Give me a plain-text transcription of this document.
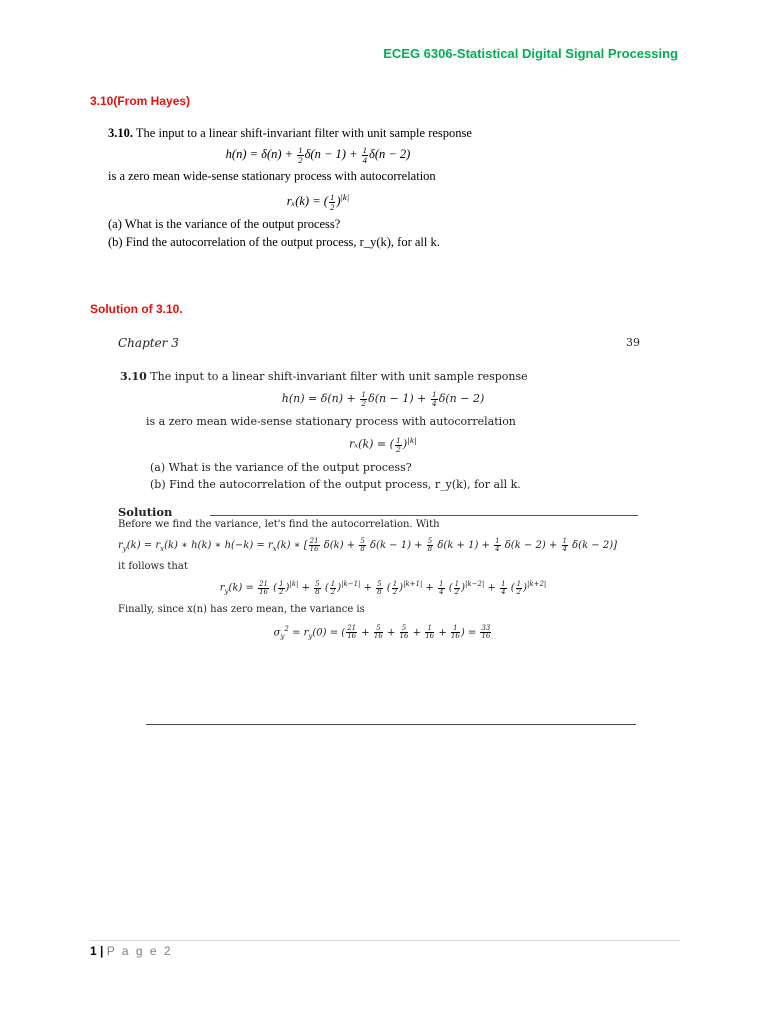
ECEG 6306-Statistical Digital Signal Processing
3.10(From Hayes)
3.10. The input to a linear shift-invariant filter with unit sample response
$h(n) = \delta(n) + \frac{1}{2} \delta(n - 1) + \frac{1}{4} \delta(n - 2)$
is a zero mean wide-sense stationary process with autocorrelation
rₓ(k) = ( $\frac{1}{2} )^{|k|}$
(a) What is the variance of the output process?
(b) Find the autocorrelation of the output process, r_y(k), for all k.
Solution of 3.10.
Chapter 3	39
3.10 The input to a linear shift-invariant filter with unit sample response
$h(n) = \delta(n) + \frac{1}{2} \delta(n - 1) + \frac{1}{4} \delta(n - 2)$
is a zero mean wide-sense stationary process with autocorrelation
rₓ(k) = ( $\frac{1}{2} )^{|k|}$
(a) What is the variance of the output process?
(b) Find the autocorrelation of the output process, r_y(k), for all k.
Solution
Before we find the variance, let's find the autocorrelation. With
$r_y(k) = r_x(k)$ ∗ h(k) ∗ $h(-k) = r_x(k)$ ∗ [ $\frac{21}{16} \delta(k) + \frac{5}{8} \delta(k - 1) + \frac{5}{8} \delta(k + 1) + \frac{1}{4} \delta(k - 2) + \frac{1}{4} \delta(k - 2)$]
it follows that
$r_y(k) = \frac{21}{16}$ ( $\frac{1}{2} )^{|k|} + \frac{5}{8}$ ( $\frac{1}{2} )^{|k-1|} + \frac{5}{8}$ ( $\frac{1}{2} )^{|k+1|} + \frac{1}{4}$ ( $\frac{1}{2} )^{|k-2|} + \frac{1}{4}$ ( $\frac{1}{2} )^{|k+2|}$
Finally, since x(n) has zero mean, the variance is
$\sigma_y^2 = r_y(0)$ = ( $\frac{21}{16} + \frac{5}{16} + \frac{5}{16} + \frac{1}{16} + \frac{1}{16}$ ) = $\frac{33}{16}$
1 | P a g e 2
